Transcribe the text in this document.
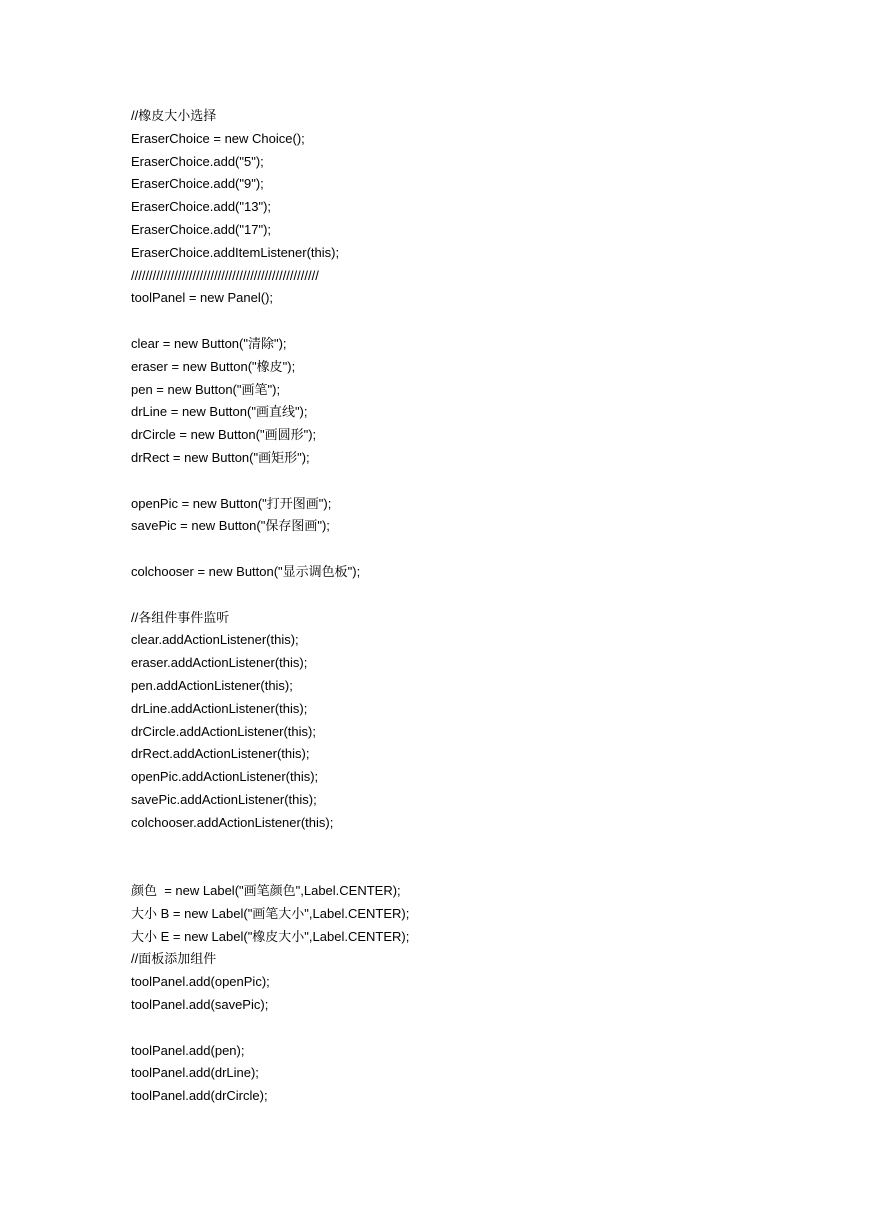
//橡皮大小选择
EraserChoice = new Choice();
EraserChoice.add("5");
EraserChoice.add("9");
EraserChoice.add("13");
EraserChoice.add("17");
EraserChoice.addItemListener(this);
////////////////////////////////////////////////////
toolPanel = new Panel();
clear = new Button("清除");
eraser = new Button("橡皮");
pen = new Button("画笔");
drLine = new Button("画直线");
drCircle = new Button("画圆形");
drRect = new Button("画矩形");
openPic = new Button("打开图画");
savePic = new Button("保存图画");
colchooser = new Button("显示调色板");
//各组件事件监听
clear.addActionListener(this);
eraser.addActionListener(this);
pen.addActionListener(this);
drLine.addActionListener(this);
drCircle.addActionListener(this);
drRect.addActionListener(this);
openPic.addActionListener(this);
savePic.addActionListener(this);
colchooser.addActionListener(this);
颜色  = new Label("画笔颜色",Label.CENTER);
大小 B = new Label("画笔大小",Label.CENTER);
大小 E = new Label("橡皮大小",Label.CENTER);
//面板添加组件
toolPanel.add(openPic);
toolPanel.add(savePic);
toolPanel.add(pen);
toolPanel.add(drLine);
toolPanel.add(drCircle);
